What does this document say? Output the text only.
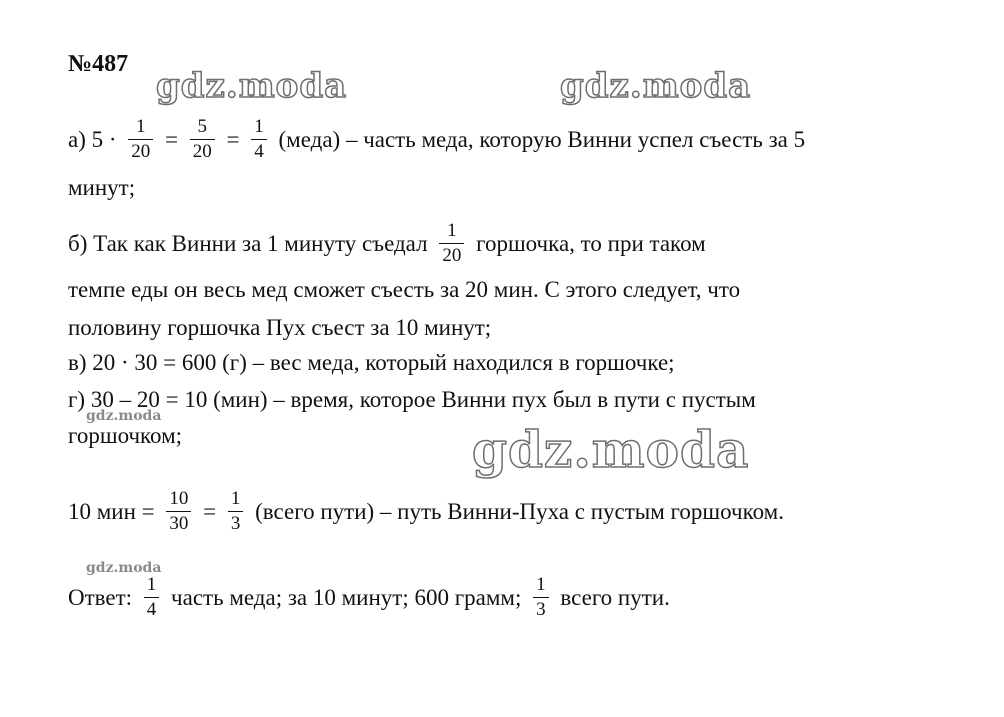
№487
gdz.moda	gdz.moda
gdz.moda
gdz.moda
gdz.moda
а) $5 \cdot \frac{1}{20} = \frac{5}{20} = \frac{1}{4}$ (меда) – часть меда, которую Винни успел съесть за 5
минут;
б) Так как Винни за 1 минуту съедал $\frac{1}{20}$ горшочка, то при таком
темпе еды он весь мед сможет съесть за 20 мин. С этого следует, что
половину горшочка Пух съест за 10 минут;
в) 20 · 30 = 600 (г) – вес меда, который находился в горшочке;
г) 30 – 20 = 10 (мин) – время, которое Винни пух был в пути с пустым
горшочком;
10 мин = $\frac{10}{30} = \frac{1}{3}$ (всего пути) – путь Винни-Пуха с пустым горшочком.
Ответ: $\frac{1}{4}$ часть меда; за 10 минут; 600 грамм; $\frac{1}{3}$ всего пути.
